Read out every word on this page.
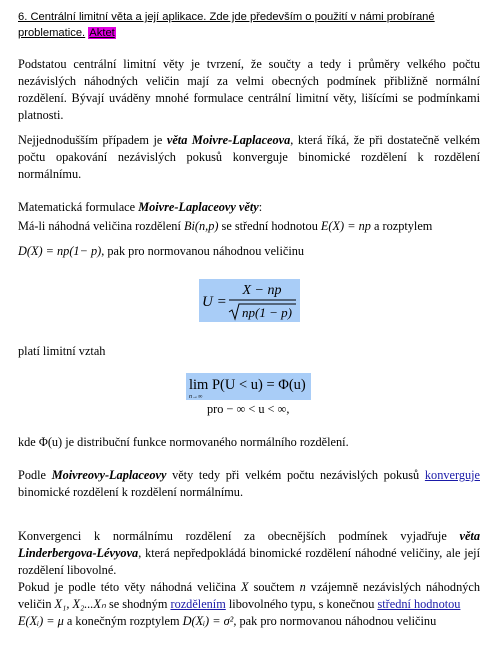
6. Centrální limitní věta a její aplikace. Zde jde především o použití v námi probírané problematice. Aktet
Podstatou centrální limitní věty je tvrzení, že součty a tedy i průměry velkého počtu nezávislých náhodných veličin mají za velmi obecných podmínek přibližně normální rozdělení. Bývají uváděny mnohé formulace centrální limitní věty, lišícími se podmínkami platnosti.
Nejjednodušším případem je věta Moivre-Laplaceova, která říká, že při dostatečně velkém počtu opakování nezávislých pokusů konverguje binomické rozdělení k rozdělení normálnímu.
Matematická formulace Moivre-Laplaceovy věty:
Má-li náhodná veličina rozdělení Bi(n,p) se střední hodnotou E(X) = np a rozptylem
D(X) = np(1− p), pak pro normovanou náhodnou veličinu
U =
X − np
np(1 − p)
platí limitní vztah
lim P(U < u) = Φ(u)
n→∞
pro − ∞ < u < ∞,
kde Φ(u) je distribuční funkce normovaného normálního rozdělení.
Podle Moivreovy-Laplaceovy věty tedy při velkém počtu nezávislých pokusů konverguje binomické rozdělení k rozdělení normálnímu.
Konvergenci k normálnímu rozdělení za obecnějších podmínek vyjadřuje věta Linderbergova-Lévyova, která nepředpokládá binomické rozdělení náhodné veličiny, ale její rozdělení libovolné.
Pokud je podle této věty náhodná veličina X součtem n vzájemně nezávislých náhodných veličin X₁, X₂...Xₙ se shodným rozdělením libovolného typu, s konečnou střední hodnotou
E(Xᵢ) = μ a konečným rozptylem D(Xᵢ) = σ², pak pro normovanou náhodnou veličinu
